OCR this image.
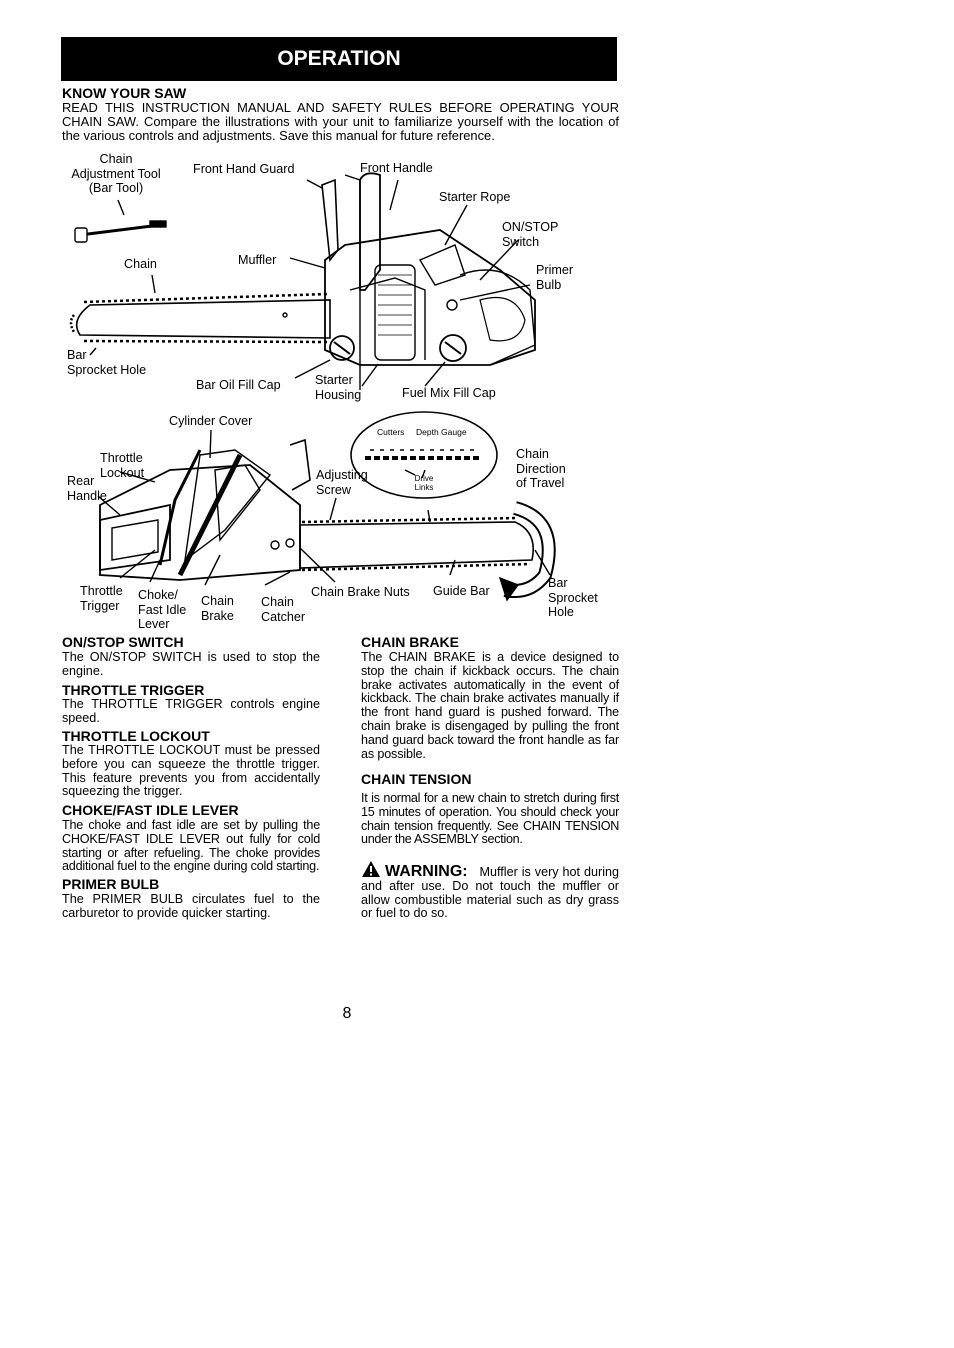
OPERATION
KNOW YOUR SAW
READ THIS INSTRUCTION MANUAL AND SAFETY RULES BEFORE OPERATING YOUR CHAIN SAW. Compare the illustrations with your unit to familiarize yourself with the location of the various controls and adjustments. Save this manual for future reference.
Chain
Adjustment Tool
(Bar Tool)
Front Hand Guard	Front Handle
Starter Rope
ON/STOP
Switch
Primer
Bulb
Chain	Muffler
Bar
Sprocket Hole
Bar Oil Fill Cap	Starter
Housing	Fuel Mix Fill Cap
Cylinder Cover
Throttle
Lockout
Rear
Handle
Adjusting
Screw
Cutters Depth Gauge
Drive
Links
Chain
Direction
of Travel
Throttle
Trigger
Choke/
Fast Idle
Lever
Chain
Brake
Chain
Catcher
Chain Brake Nuts Guide Bar
Bar
Sprocket
Hole
ON/STOP SWITCH
The ON/STOP SWITCH is used to stop the engine.
THROTTLE TRIGGER
The THROTTLE TRIGGER controls engine speed.
THROTTLE LOCKOUT
The THROTTLE LOCKOUT must be pressed before you can squeeze the throttle trigger. This feature prevents you from accidentally squeezing the trigger.
CHOKE/FAST IDLE LEVER
The choke and fast idle are set by pulling the CHOKE/FAST IDLE LEVER out fully for cold starting or after refueling. The choke provides additional fuel to the engine during cold starting.
PRIMER BULB
The PRIMER BULB circulates fuel to the carburetor to provide quicker starting.
CHAIN BRAKE
The CHAIN BRAKE is a device designed to stop the chain if kickback occurs. The chain brake activates automatically in the event of kickback. The chain brake activates manually if the front hand guard is pushed forward. The chain brake is disengaged by pulling the front hand guard back toward the front handle as far as possible.
CHAIN TENSION
It is normal for a new chain to stretch during first 15 minutes of operation. You should check your chain tension frequently. See CHAIN TENSION under the ASSEMBLY section.
WARNING: Muffler is very hot during and after use. Do not touch the muffler or allow combustible material such as dry grass or fuel to do so.
8
